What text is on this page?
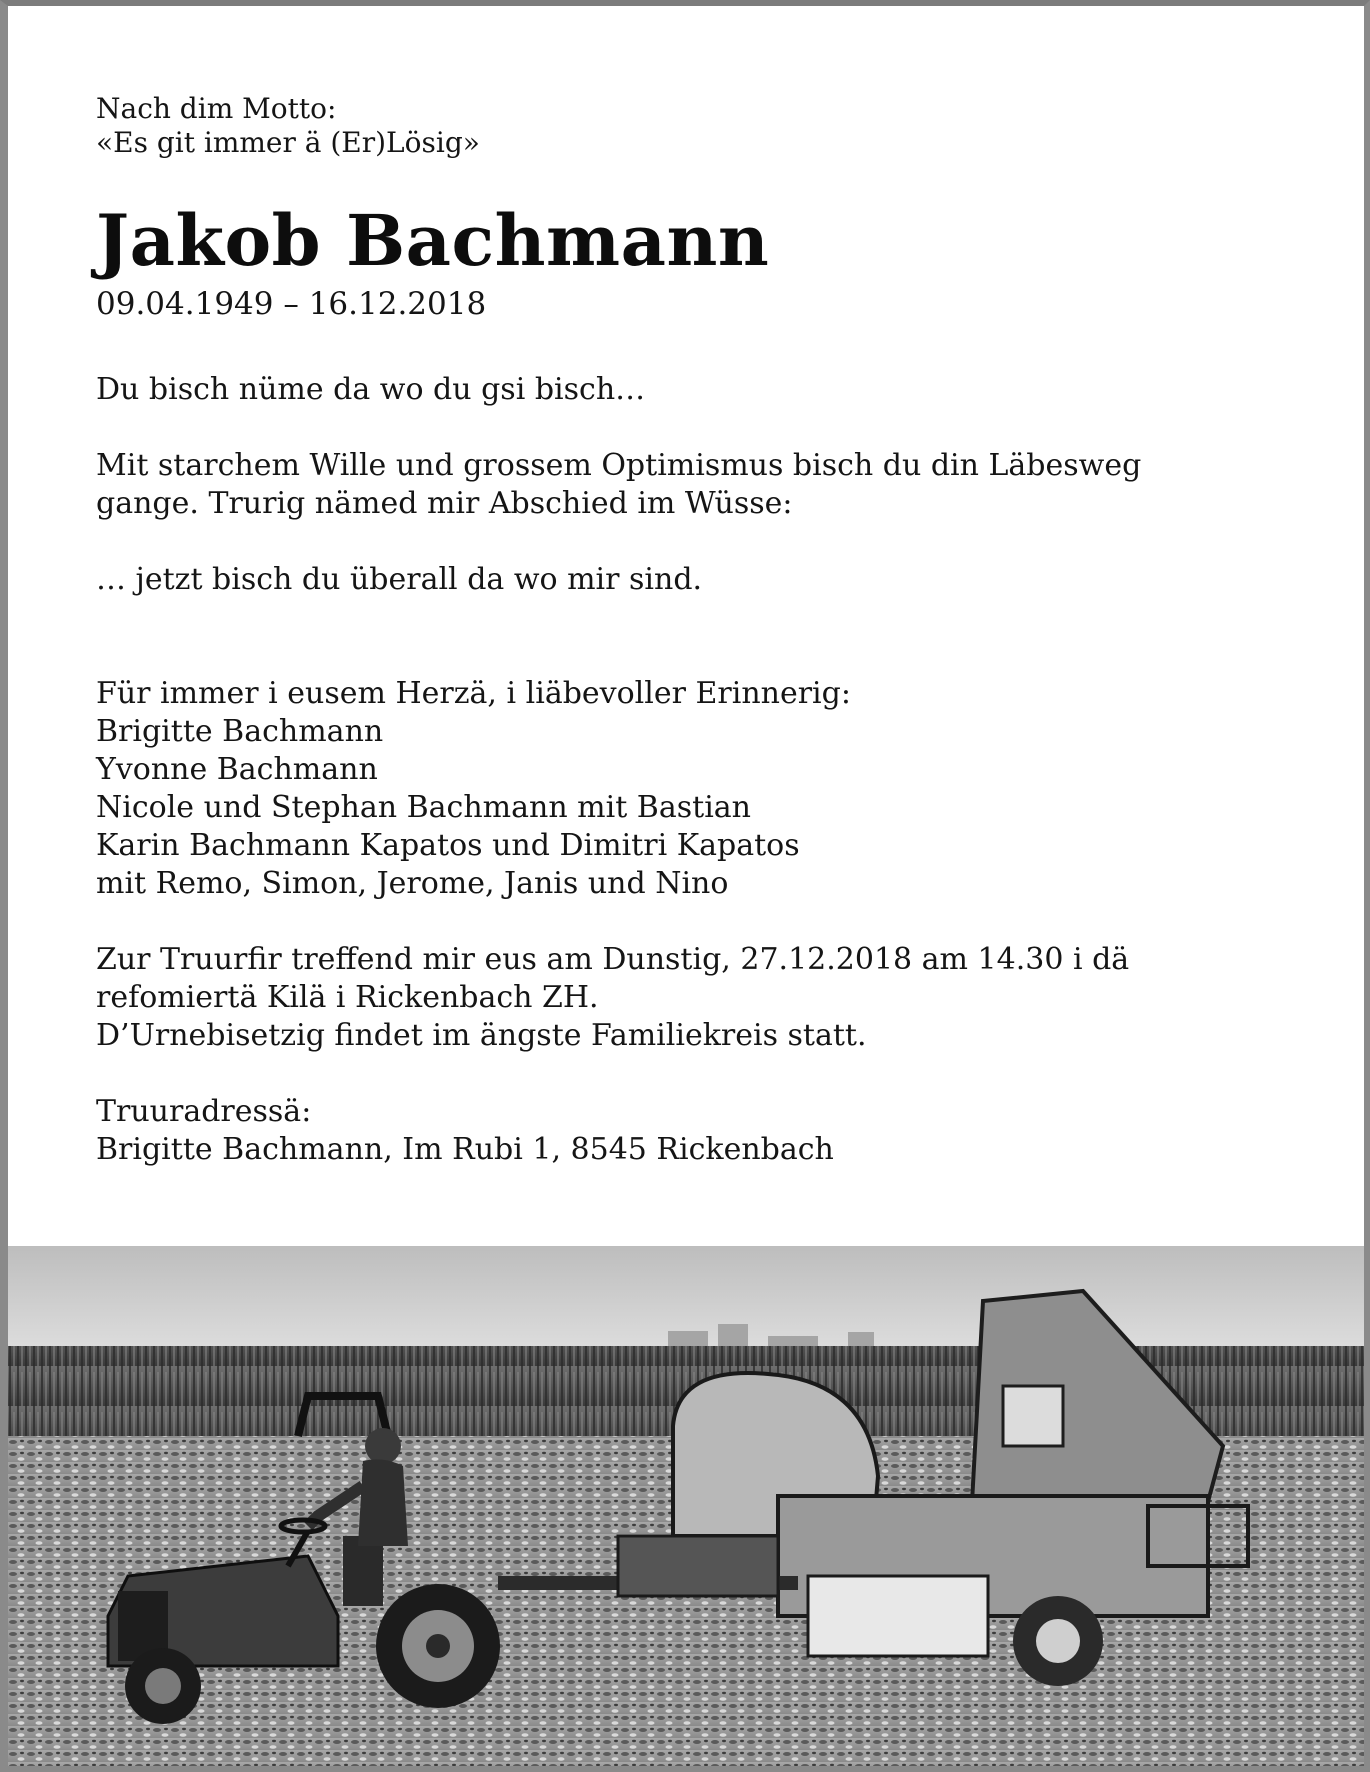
Nach dim Motto:
«Es git immer ä (Er)Lösig»
Jakob Bachmann
09.04.1949 – 16.12.2018
Du bisch nüme da wo du gsi bisch…
Mit starchem Wille und grossem Optimismus bisch du din Läbesweg
gange. Trurig nämed mir Abschied im Wüsse:
… jetzt bisch du überall da wo mir sind.
Für immer i eusem Herzä, i liäbevoller Erinnerig:
Brigitte Bachmann
Yvonne Bachmann
Nicole und Stephan Bachmann mit Bastian
Karin Bachmann Kapatos und Dimitri Kapatos
mit Remo, Simon, Jerome, Janis und Nino
Zur Truurfir treffend mir eus am Dunstig, 27.12.2018 am 14.30 i dä
refomiertä Kilä i Rickenbach ZH.
D’Urnebisetzig findet im ängste Familiekreis statt.
Truuradressä:
Brigitte Bachmann, Im Rubi 1, 8545 Rickenbach
